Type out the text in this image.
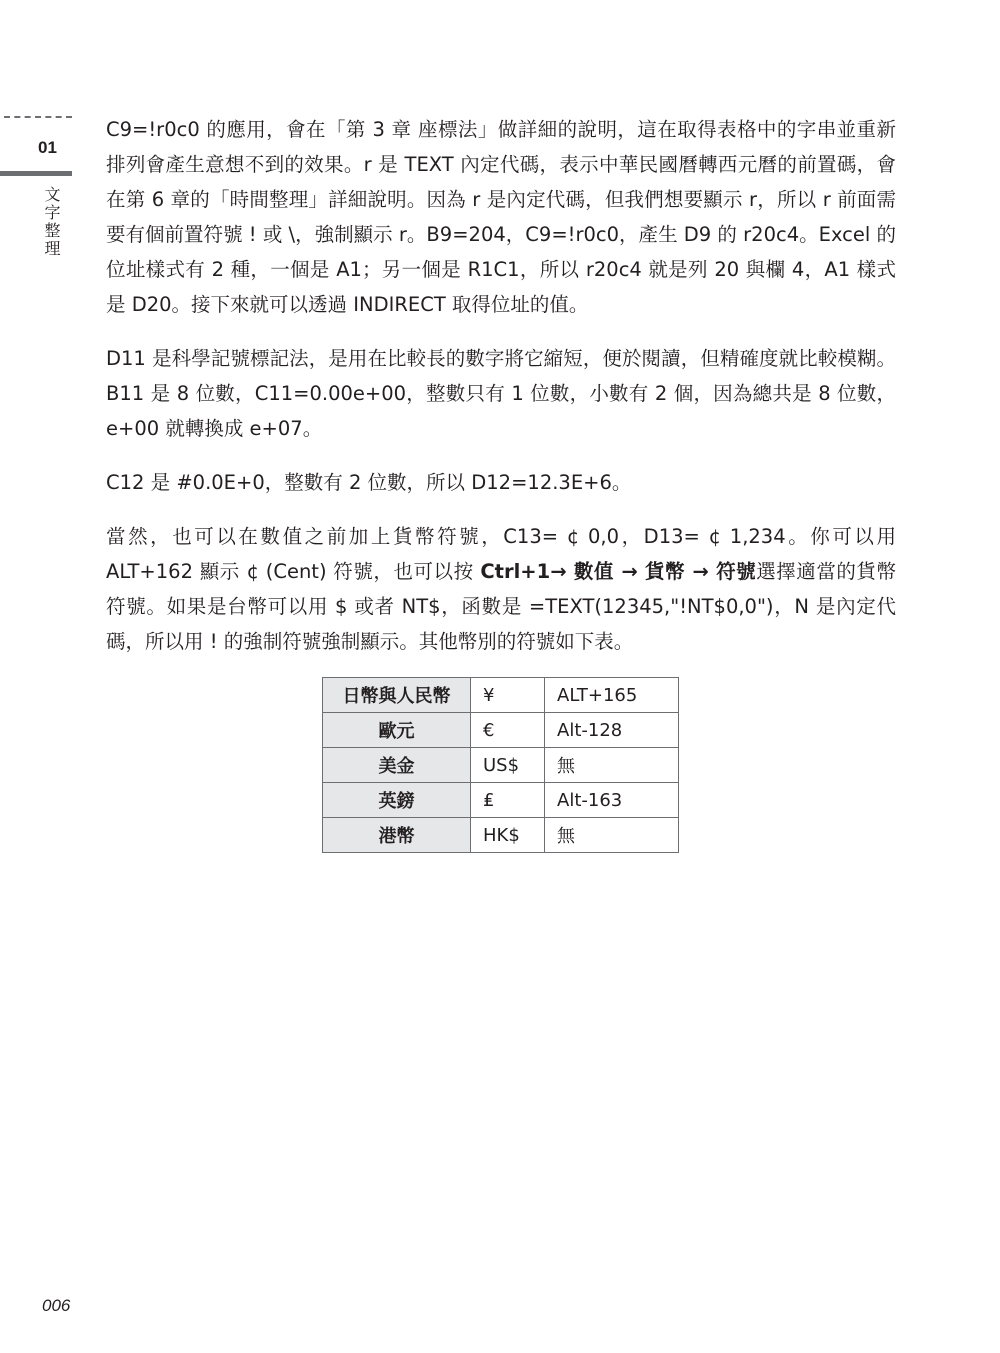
01
文字整理

C9=!r0c0 的應用，會在「第 3 章 座標法」做詳細的說明，這在取得表格中的字串並重新排列會產生意想不到的效果。r 是 TEXT 內定代碼，表示中華民國曆轉西元曆的前置碼，會在第 6 章的「時間整理」詳細說明。因為 r 是內定代碼，但我們想要顯示 r，所以 r 前面需要有個前置符號 ! 或 \，強制顯示 r。B9=204，C9=!r0c0，產生 D9 的 r20c4。Excel 的位址樣式有 2 種，一個是 A1；另一個是 R1C1，所以 r20c4 就是列 20 與欄 4，A1 樣式是 D20。接下來就可以透過 INDIRECT 取得位址的值。

D11 是科學記號標記法，是用在比較長的數字將它縮短，便於閱讀，但精確度就比較模糊。B11 是 8 位數，C11=0.00e+00，整數只有 1 位數，小數有 2 個，因為總共是 8 位數，e+00 就轉換成 e+07。

C12 是 #0.0E+0，整數有 2 位數，所以 D12=12.3E+6。

當然，也可以在數值之前加上貨幣符號，C13= ¢ 0,0，D13= ¢ 1,234。你可以用 ALT+162 顯示 ¢ (Cent) 符號，也可以按 Ctrl+1→ 數值 → 貨幣 → 符號選擇適當的貨幣符號。如果是台幣可以用 $ 或者 NT$，函數是 =TEXT(12345,"!NT$0,0")，N 是內定代碼，所以用 ! 的強制符號強制顯示。其他幣別的符號如下表。

日幣與人民幣	¥	ALT+165
歐元	€	Alt-128
美金	US$	無
英鎊	₤	Alt-163
港幣	HK$	無
006
